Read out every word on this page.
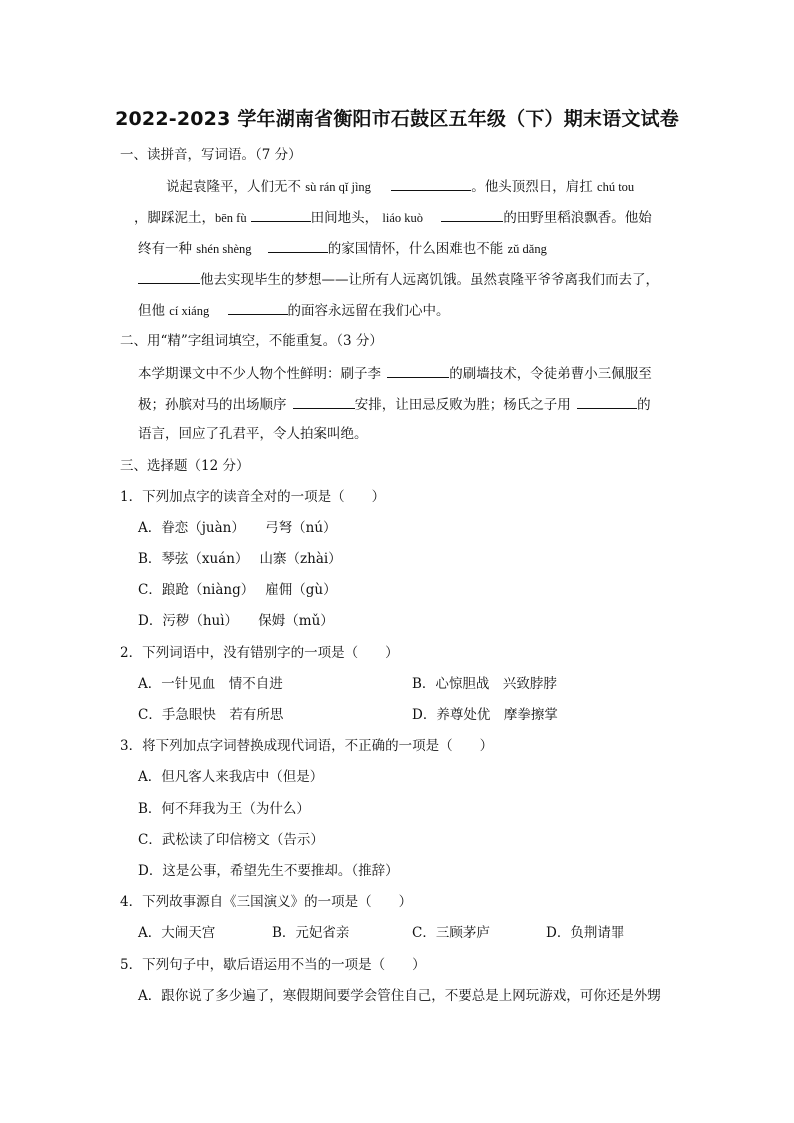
2022-2023 学年湖南省衡阳市石鼓区五年级（下）期末语文试卷
一、读拼音，写词语。（7 分）
说起袁隆平，人们无不 sù rán qǐ jìng	。他头顶烈日，肩扛 chú tou
，脚踩泥土，bēn fù	田间地头， liáo kuò	的田野里稻浪飘香。他始
终有一种 shén shèng	的家国情怀，什么困难也不能 zǔ dǎng
他去实现毕生的梦想——让所有人远离饥饿。虽然袁隆平爷爷离我们而去了，
但他 cí xiáng	的面容永远留在我们心中。
二、用“精”字组词填空，不能重复。（3 分）
本学期课文中不少人物个性鲜明：刷子李	的刷墙技术，令徒弟曹小三佩服至
极；孙膑对马的出场顺序	安排，让田忌反败为胜；杨氏之子用	的
语言，回应了孔君平，令人拍案叫绝。
三、选择题（12 分）
1．下列加点字的读音全对的一项是（　　）
A．眷恋（juàn）　　弓弩（nú）
B．琴弦（xuán）　 山寨（zhài）
C．踉跄（niàng）　 雇佣（gù）
D．污秽（huì）　　保姆（mǔ）
2．下列词语中，没有错别字的一项是（　　）
A．一针见血　情不自进	B．心惊胆战　兴致脖脖
C．手急眼快　若有所思	D．养尊处优　摩拳擦掌
3．将下列加点字词替换成现代词语，不正确的一项是（　　）
A．但凡客人来我店中（但是）
B．何不拜我为王（为什么）
C．武松读了印信榜文（告示）
D．这是公事，希望先生不要推却。（推辞）
4．下列故事源自《三国演义》的一项是（　　）
A．大闹天宫	B．元妃省亲	C．三顾茅庐	D．负荆请罪
5．下列句子中，歇后语运用不当的一项是（　　）
A．跟你说了多少遍了，寒假期间要学会管住自己，不要总是上网玩游戏，可你还是外甥
